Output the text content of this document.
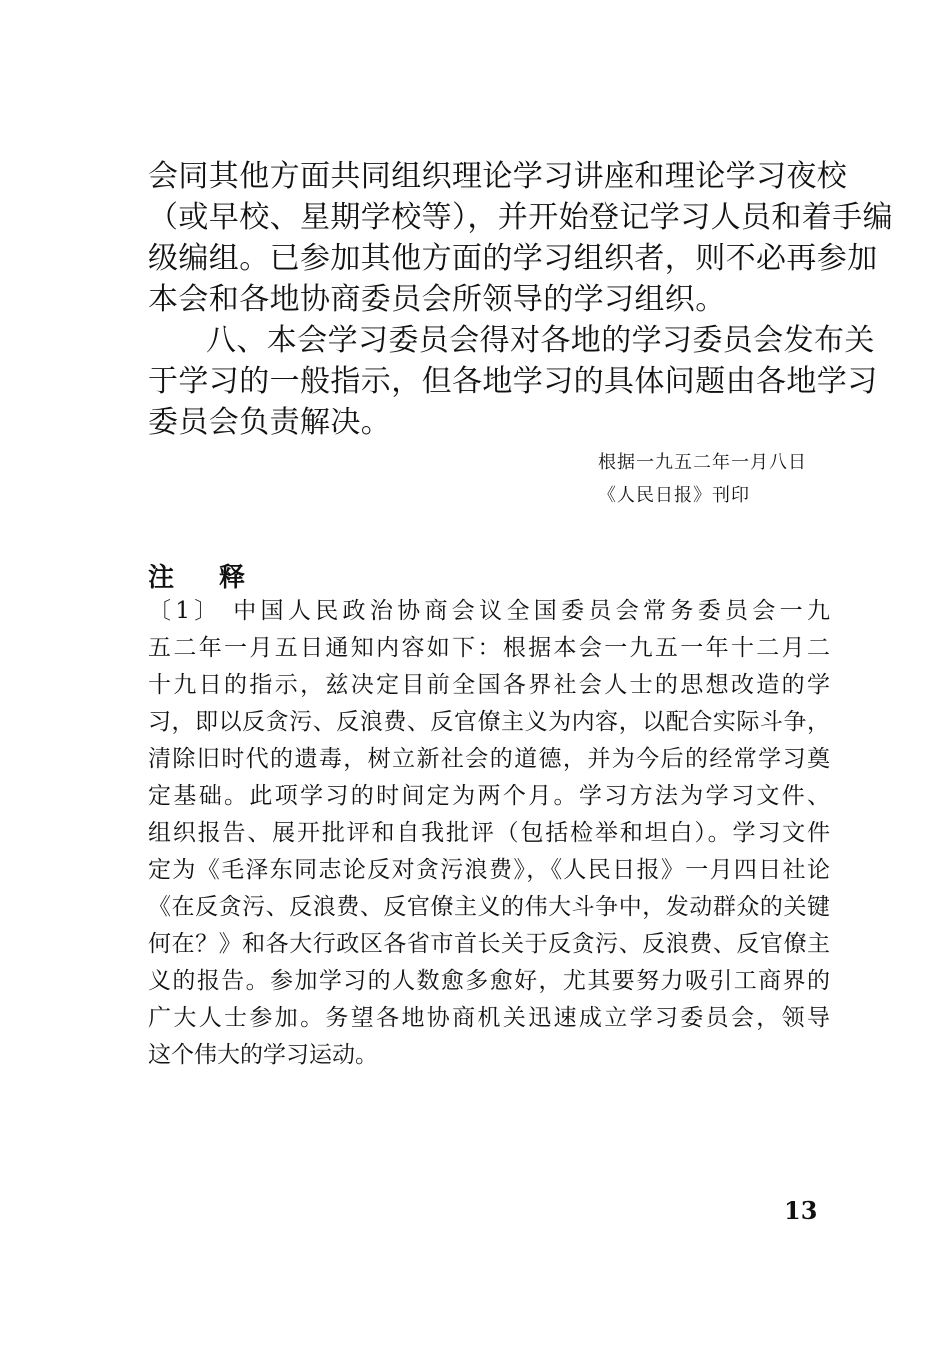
会同其他方面共同组织理论学习讲座和理论学习夜校
（或早校、星期学校等），并开始登记学习人员和着手编
级编组。已参加其他方面的学习组织者，则不必再参加
本会和各地协商委员会所领导的学习组织。
八、本会学习委员会得对各地的学习委员会发布关
于学习的一般指示，但各地学习的具体问题由各地学习
委员会负责解决。
根据一九五二年一月八日
《人民日报》刊印
注 释
〔1〕 中国人民政治协商会议全国委员会常务委员会一九
五二年一月五日通知内容如下：根据本会一九五一年十二月二
十九日的指示，兹决定目前全国各界社会人士的思想改造的学
习，即以反贪污、反浪费、反官僚主义为内容，以配合实际斗争，
清除旧时代的遗毒，树立新社会的道德，并为今后的经常学习奠
定基础。此项学习的时间定为两个月。学习方法为学习文件、
组织报告、展开批评和自我批评（包括检举和坦白）。学习文件
定为《毛泽东同志论反对贪污浪费》，《人民日报》一月四日社论
《在反贪污、反浪费、反官僚主义的伟大斗争中，发动群众的关键
何在？》和各大行政区各省市首长关于反贪污、反浪费、反官僚主
义的报告。参加学习的人数愈多愈好，尤其要努力吸引工商界的
广大人士参加。务望各地协商机关迅速成立学习委员会，领导
这个伟大的学习运动。
13
